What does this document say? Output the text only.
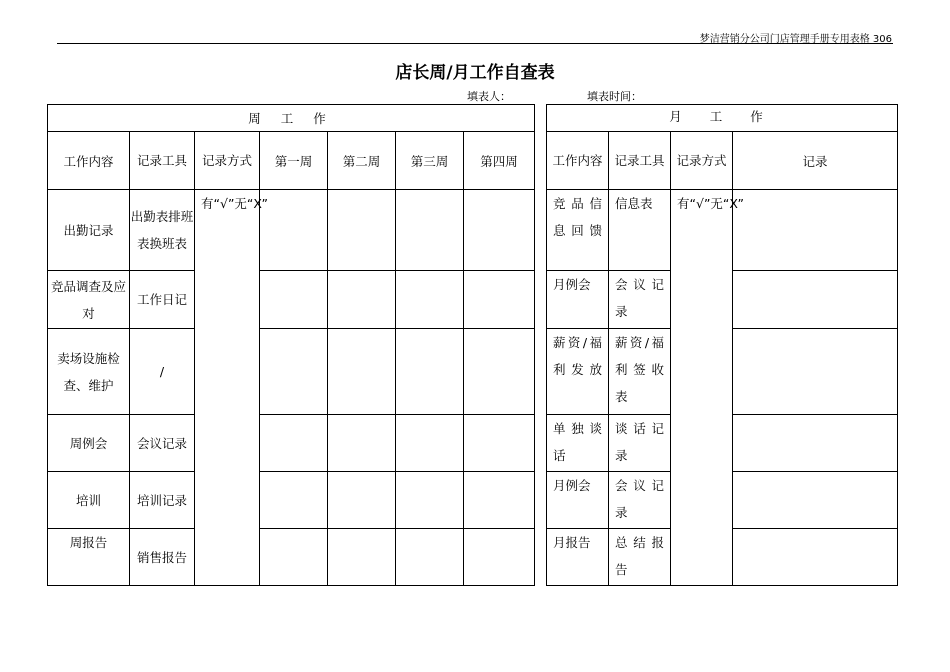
梦洁营销分公司门店管理手册专用表格 306
店长周/月工作自查表
填表人：	填表时间：
周 工 作						
工作内容	记录工具	记录方式	第一周	第二周	第三周	第四周
出勤记录	出勤表排班表换班表	有“√”无“X”				
竞品调查及应对	工作日记					
卖场设施检查、维护	/					
周例会	会议记录					
培训	培训记录					
周报告	销售报告					
月 工 作			
工作内容	记录工具	记录方式	记录
竞品信息回馈	信息表	有“√”无“X”	
月例会	会议记录		
薪资/福利发放	薪资/福利签收表		
单独谈话	谈话记录		
月例会	会议记录		
月报告	总结报告		
